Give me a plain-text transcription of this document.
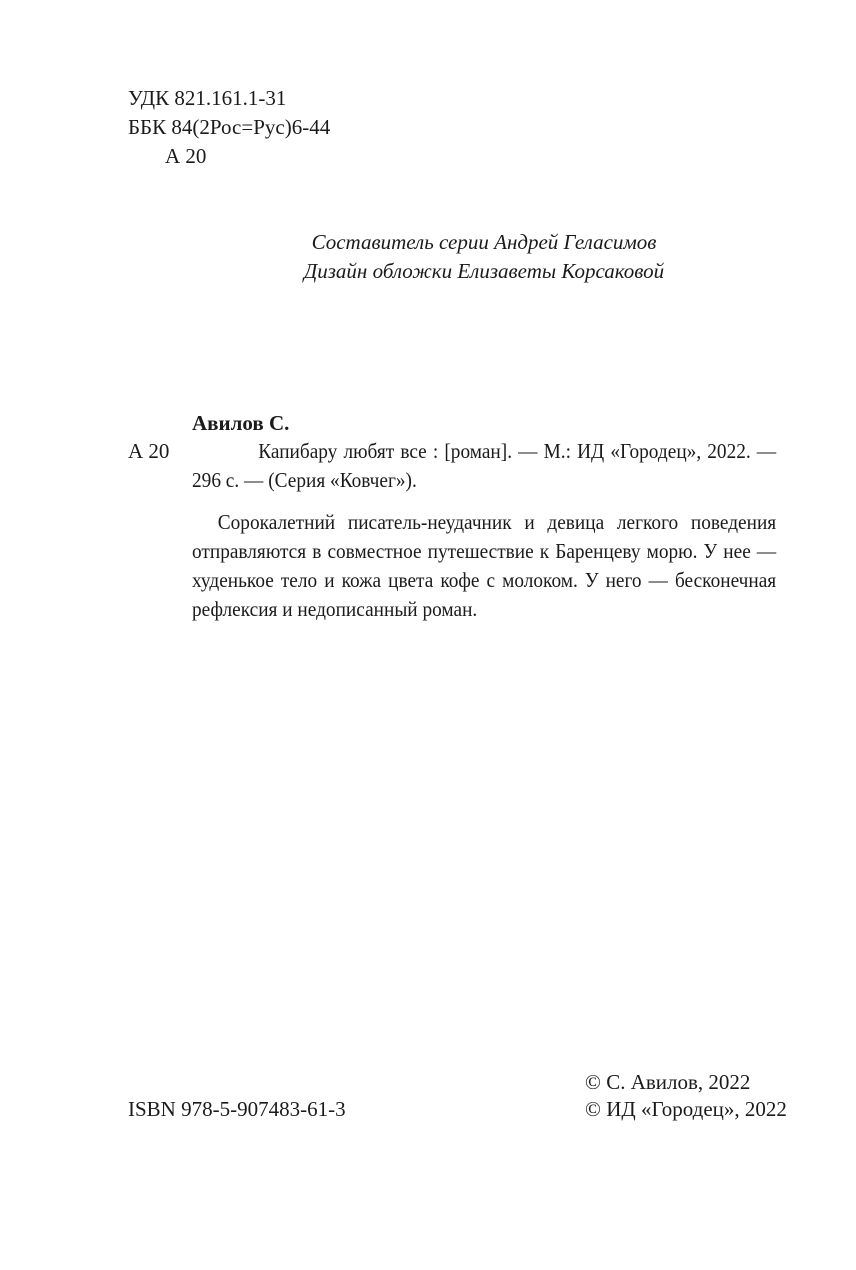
УДК 821.161.1-31
ББК 84(2Рос=Рус)6-44
А 20
Составитель серии Андрей Геласимов
Дизайн обложки Елизаветы Корсаковой
Авилов С.
А 20	Капибару любят все : [роман]. — М.: ИД «Городец», 2022. — 296 с. — (Серия «Ковчег»).
Сорокалетний писатель-неудачник и девица легкого поведения отправляются в совместное путешествие к Баренцеву морю. У нее — худенькое тело и кожа цвета кофе с молоком. У него — бесконечная рефлексия и недописанный роман.
© С. Авилов, 2022
ISBN 978-5-907483-61-3	© ИД «Городец», 2022
